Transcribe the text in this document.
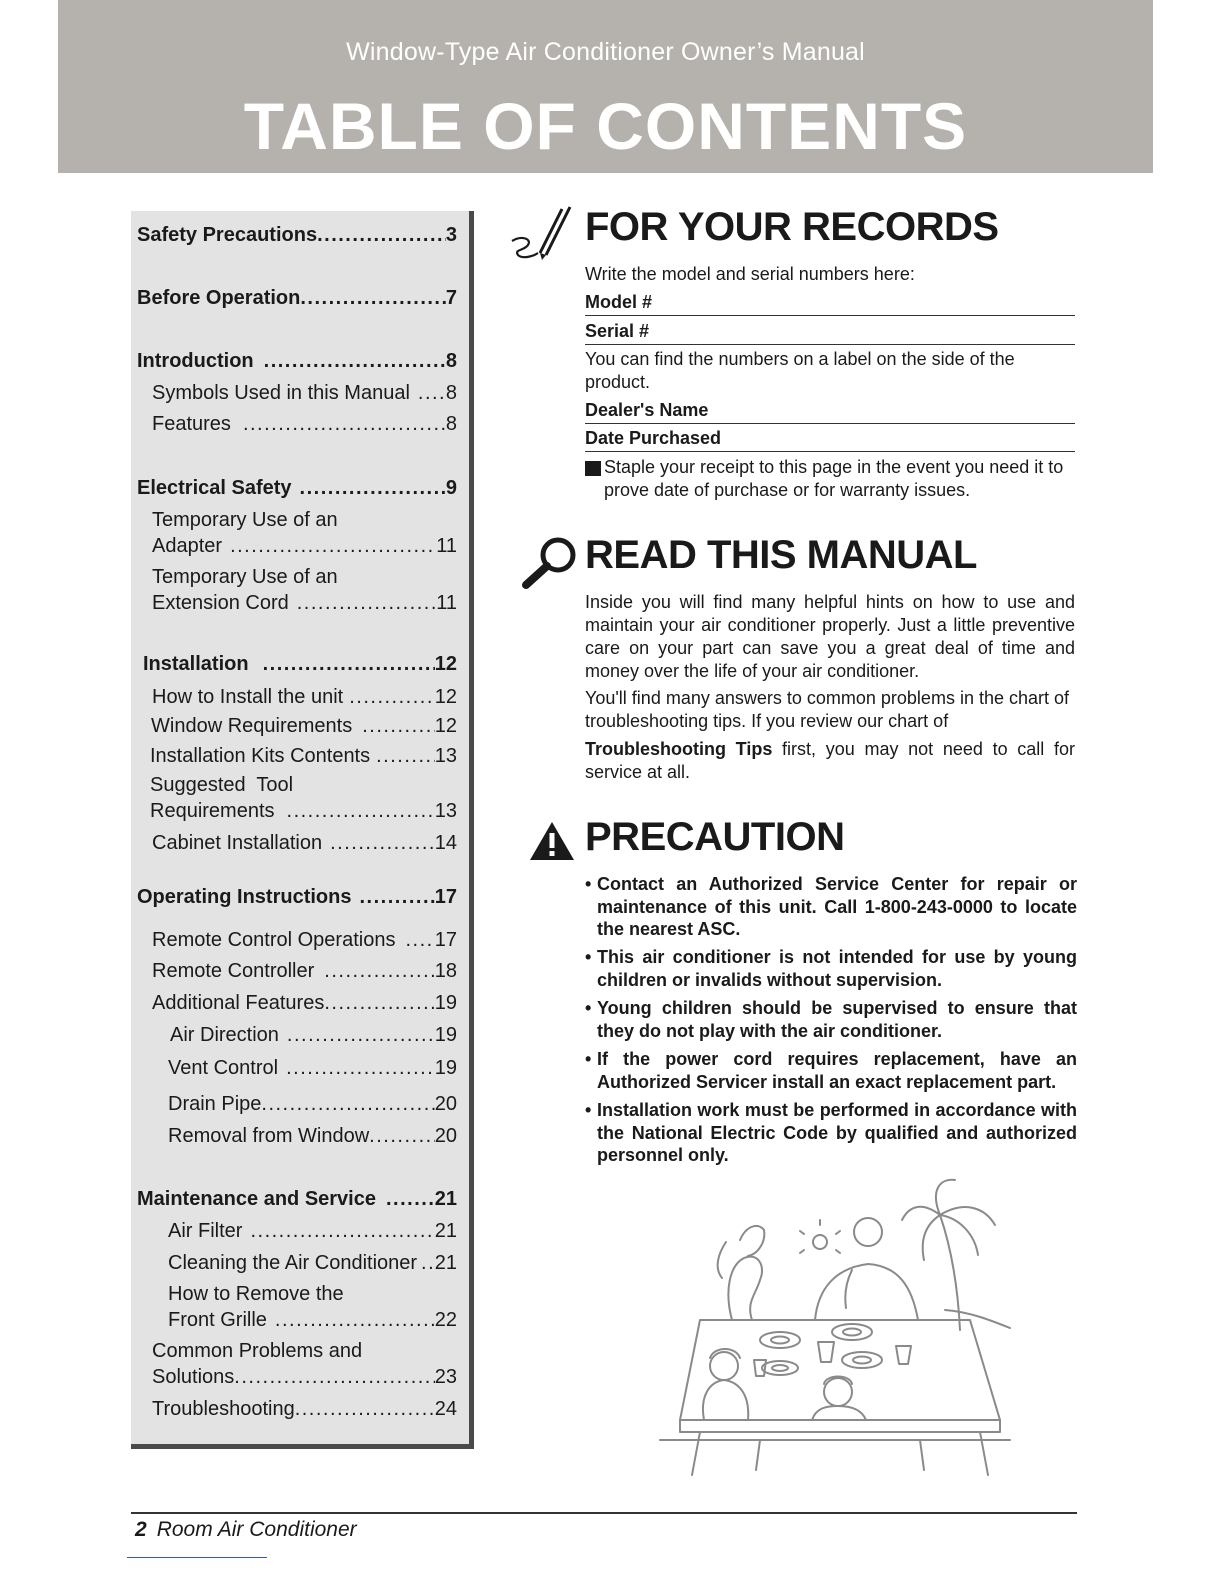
Window-Type Air Conditioner Owner’s Manual
TABLE OF CONTENTS
Safety Precautions .....	3
Before Operation .....	7
Introduction .....	8
Symbols Used in this Manual ..... 8
Features .....	8
Electrical Safety .....	9
Temporary Use of an
Adapter .....	11
Temporary Use of an
Extension Cord .....	11
Installation .....	12
How to Install the unit .....	12
Window Requirements .....	12
Installation Kits Contents .....	13
Suggested  Tool
Requirements .....	13
Cabinet Installation .....	14
Operating Instructions .....	17
Remote Control Operations ..... 17
Remote Controller .....	18
Additional Features .....	19
Air Direction .....	19
Vent Control .....	19
Drain Pipe .....	20
Removal from Window .....	20
Maintenance and Service .....	21
Air Filter .....	21
Cleaning the Air Conditioner ..... 21
How to Remove the
Front Grille .....	22
Common Problems and
Solutions .....	23
Troubleshooting .....	24
FOR YOUR RECORDS
Write the model and serial numbers here:
Model #
Serial #
You can find the numbers on a label on the side of the product.
Dealer's Name
Date Purchased
Staple your receipt to this page in the event you need it to prove date of purchase or for warranty issues.
READ THIS MANUAL
Inside you will find many helpful hints on how to use and maintain your air conditioner properly. Just a little preventive care on your part can save you a great deal of time and money over the life of your air conditioner.
You'll find many answers to common problems in the chart of troubleshooting tips. If you review our chart of
Troubleshooting Tips first, you may not need to call for service at all.
PRECAUTION
• Contact an Authorized Service Center for repair or maintenance of this unit. Call 1-800-243-0000 to locate the nearest ASC.
• This air conditioner is not intended for use by young children or invalids without supervision.
• Young children should be supervised to ensure that they do not play with the air conditioner.
• If the power cord requires replacement, have an Authorized Servicer install an exact replacement part.
• Installation work must be performed in accordance with the National Electric Code by qualified and authorized personnel only.
2 Room Air Conditioner
